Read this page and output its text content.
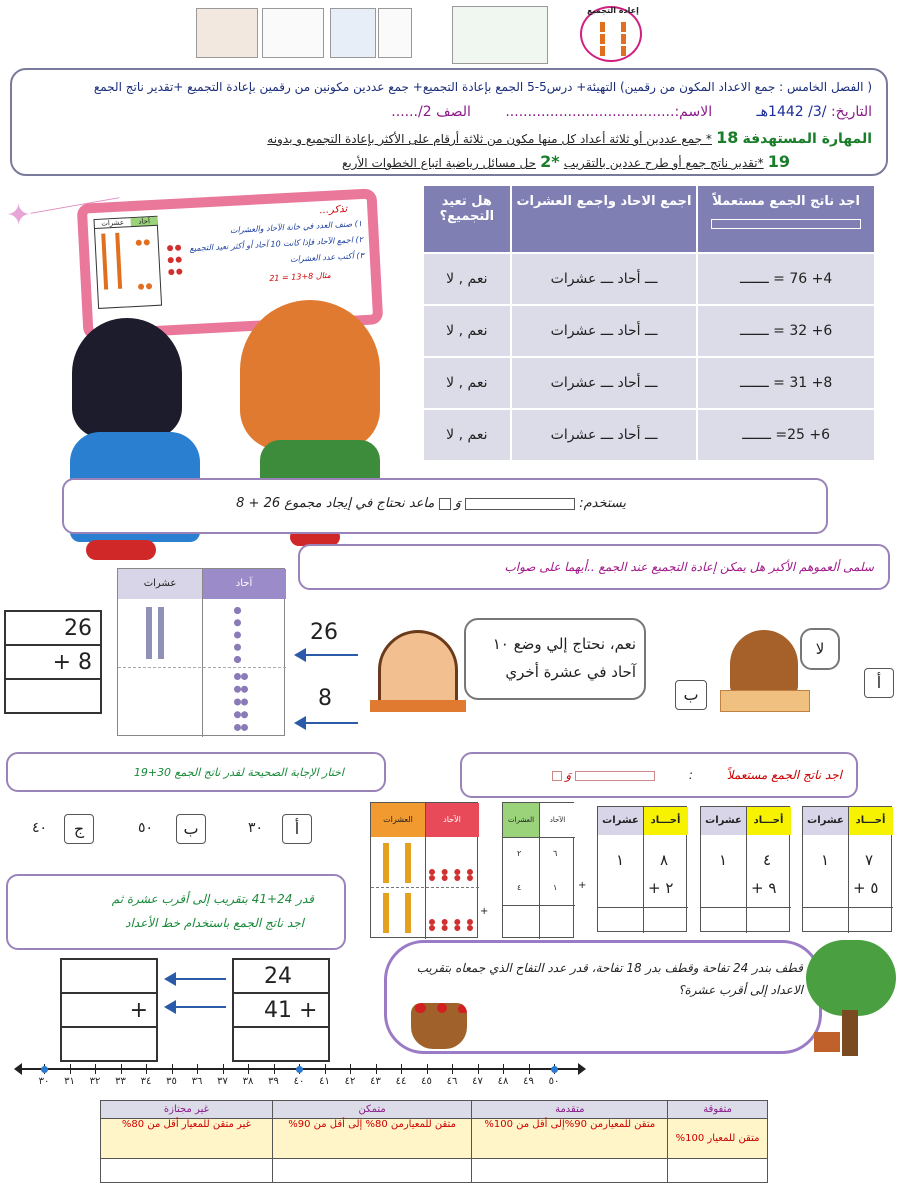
إعادة التجميع
( الفصل الخامس : جمع الاعداد المكون من رقمين) التهيئة+ درس5-5 الجمع بإعادة التجميع+ جمع عددين مكونين من رقمين بإعادة التجميع +تقدير ناتج الجمع
التاريخ: /3/ 1442هـ الاسم:...................................... الصف 2/......
المهارة المستهدفة 18 * جمع عددين أو ثلاثة أعداد كل منها مكون من ثلاثة أرقام على الأكثر بإعادة التجميع و بدونه
19 *تقدير ناتج جمع أو طرح عددين بالتقريب *2 حل مسائل رياضية اتباع الخطوات الأربع
✦	عشرات	آحاد
تذكر...
١) صنف العدد في خانة الآحاد والعشرات
٢) اجمع الآحاد فإذا كانت 10 آحاد أو أكثر نعيد التجميع
٣) أكتب عدد العشرات
مثال 8+13 = 21
اجد ناتج الجمع مستعملاً	اجمع الاحاد واجمع العشرات	هل تعيد التجميع؟
4+ 76 = ـــــــ	ـــ أحاد ـــ عشرات	نعم , لا
6+ 32 = ـــــــ	ـــ أحاد ـــ عشرات	نعم , لا
8+ 31 = ـــــــ	ـــ أحاد ـــ عشرات	نعم , لا
6+ 25= ـــــــ	ـــ أحاد ـــ عشرات	نعم , لا
يستخدم:  وَ  ماعد نحتاج في إيجاد مجموع 26 + 8
سلمى ألعموهم الأكبر هل يمكن إعادة التجميع عند الجمع ..أيهما على صواب
26
+ 8

آحاد
عشرات
26
8
نعم، نحتاج إلي وضع ١٠ آحاد في عشرة أخري
ب
لا
أ
اختار الإجابة الصحيحة لقدر ناتج الجمع 30+19	اجد ناتج الجمع مستعملاً :  وَ
٤٠	ج	٥٠	ب	٣٠	أ	العشرات	الآحاد
+
العشرات	الآحاد
٢	٦
٤	١ +
عشرات	أحـــاد
١ ٨
٢ +
عشرات	أحـــاد
١ ٤
٩ +
عشرات	أحـــاد
١ ٧
٥ +
قدر 24+41 بتقريب إلى أقرب عشرة ثم
اجد ناتج الجمع باستخدام خط الأعداد
قطف بندر 24 تفاحة وقطف بدر 18 تفاحة، قدر عدد التفاح الذي جمعاه بتقريب الاعداد إلى أقرب عشرة؟

+

24
41 +

٣٠	٣١	٣٢	٣٣	٣٤	٣٥	٣٦	٣٧	٣٨	٣٩	٤٠	٤١	٤٢	٤٣	٤٤	٤٥	٤٦	٤٧	٤٨	٤٩	٥٠
متفوقة	متقدمة	متمكن	غير مجتازة
متقن للمعيار 100%	متقن للمعيارمن 90%إلى أقل من 100%	متقن للمعيارمن 80% إلى أقل من 90%	غير متقن للمعيار أقل من 80%
